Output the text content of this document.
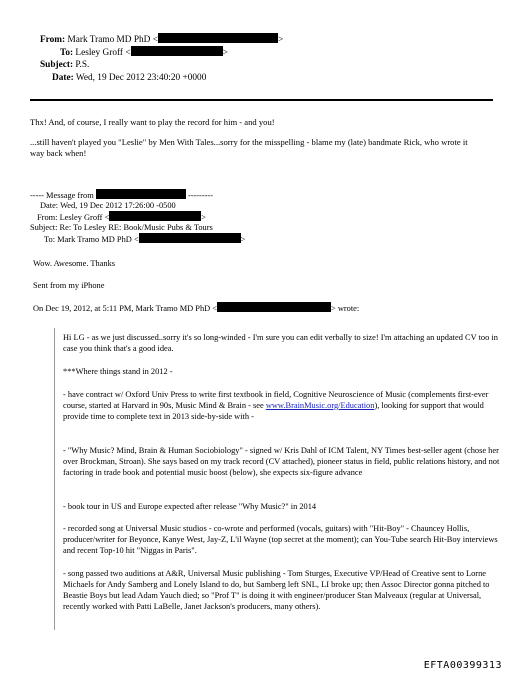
From: Mark Tramo MD PhD <	>
To: Lesley Groff <	>
Subject: P.S.
Date: Wed, 19 Dec 2012 23:40:20 +0000
Thx! And, of course, I really want to play the record for him - and you!
...still haven't played you "Leslie" by Men With Tales...sorry for the misspelling - blame my (late) bandmate Rick, who wrote it way back when!
----- Message from	---------
Date: Wed, 19 Dec 2012 17:26:00 -0500
From: Lesley Groff <	>
Subject: Re: To Lesley RE: Book/Music Pubs & Tours
To: Mark Tramo MD PhD <	>
Wow. Awesome. Thanks
Sent from my iPhone
On Dec 19, 2012, at 5:11 PM, Mark Tramo MD PhD <	> wrote:
Hi LG - as we just discussed..sorry it's so long-winded - I'm sure you can edit verbally to size! I'm attaching an updated CV too in case you think that's a good idea.
***Where things stand in 2012 -
- have contract w/ Oxford Univ Press to write first textbook in field, Cognitive Neuroscience of Music (complements first-ever course, started at Harvard in 90s, Music Mind & Brain - see www.BrainMusic.org/Education), looking for support that would provide time to complete text in 2013 side-by-side with -
- "Why Music? Mind, Brain & Human Sociobiology" - signed w/ Kris Dahl of ICM Talent, NY Times best-seller agent (chose her over Brockman, Stroan). She says based on my track record (CV attached), pioneer status in field, public relations history, and not factoring in trade book and potential music boost (below), she expects six-figure advance
- book tour in US and Europe expected after release "Why Music?" in 2014
- recorded song at Universal Music studios - co-wrote and performed (vocals, guitars) with "Hit-Boy" - Chauncey Hollis, producer/writer for Beyonce, Kanye West, Jay-Z, L'il Wayne (top secret at the moment); can You-Tube search Hit-Boy interviews and recent Top-10 hit "Niggas in Paris".
- song passed two auditions at A&R, Universal Music publishing - Tom Sturges, Executive VP/Head of Creative sent to Lorne Michaels for Andy Samberg and Lonely Island to do, but Samberg left SNL, LI broke up; then Assoc Director gonna pitched to Beastie Boys but lead Adam Yauch died; so "Prof T" is doing it with engineer/producer Stan Malveaux (regular at Universal, recently worked with Patti LaBelle, Janet Jackson's producers, many others).
EFTA00399313
